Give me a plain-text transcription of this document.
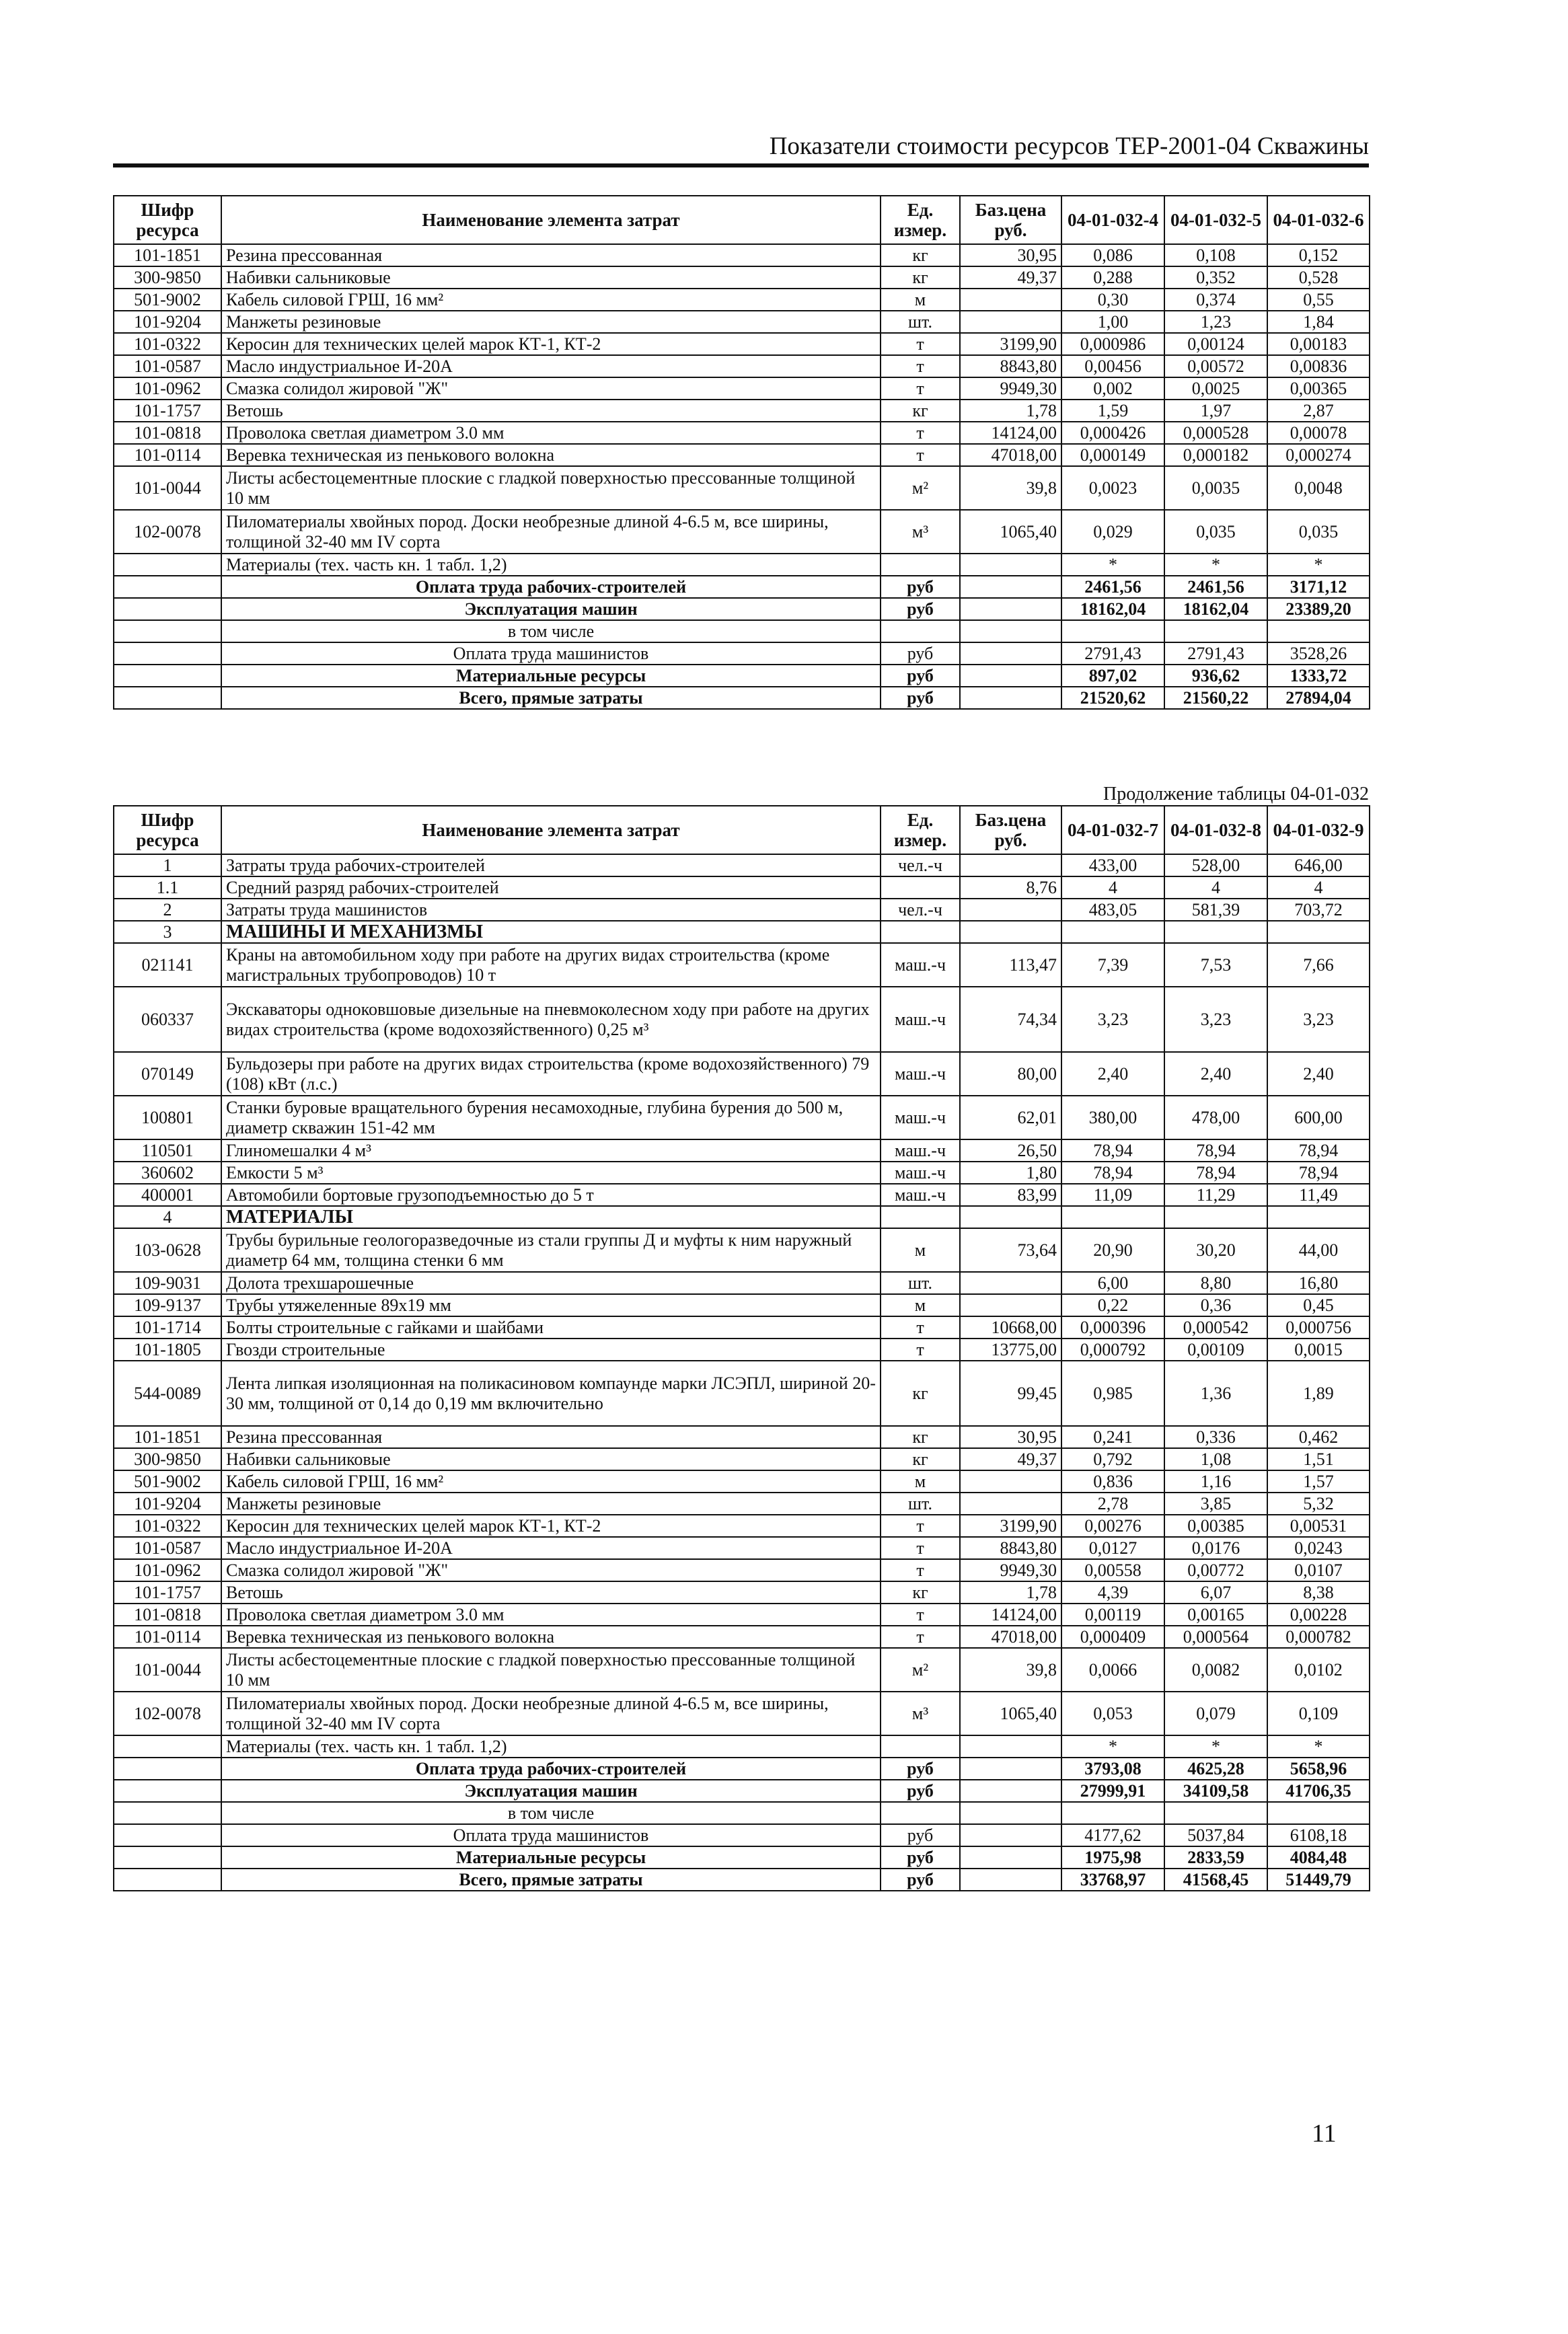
Показатели стоимости ресурсов ТЕР-2001-04 Скважины
Шифр ресурса	Наименование элемента затрат	Ед. измер.	Баз.цена руб.	04-01-032-4	04-01-032-5	04-01-032-6
101-1851	Резина прессованная	кг	30,95	0,086	0,108	0,152
300-9850	Набивки сальниковые	кг	49,37	0,288	0,352	0,528
501-9002	Кабель силовой ГРШ, 16 мм²	м		0,30	0,374	0,55
101-9204	Манжеты резиновые	шт.		1,00	1,23	1,84
101-0322	Керосин для технических целей марок КТ-1, КТ-2	т	3199,90	0,000986	0,00124	0,00183
101-0587	Масло индустриальное И-20А	т	8843,80	0,00456	0,00572	0,00836
101-0962	Смазка солидол жировой "Ж"	т	9949,30	0,002	0,0025	0,00365
101-1757	Ветошь	кг	1,78	1,59	1,97	2,87
101-0818	Проволока светлая диаметром 3.0 мм	т	14124,00	0,000426	0,000528	0,00078
101-0114	Веревка техническая из пенькового волокна	т	47018,00	0,000149	0,000182	0,000274
101-0044	Листы асбестоцементные плоские с гладкой поверхностью прессованные толщиной 10 мм	м²	39,8	0,0023	0,0035	0,0048
102-0078	Пиломатериалы хвойных пород. Доски необрезные длиной 4-6.5 м, все ширины, толщиной 32-40 мм IV сорта	м³	1065,40	0,029	0,035	0,035
	Материалы (тех. часть кн. 1 табл. 1,2)			*	*	*
	Оплата труда рабочих-строителей	руб		2461,56	2461,56	3171,12
	Эксплуатация машин	руб		18162,04	18162,04	23389,20
	в том числе					
	Оплата труда машинистов	руб		2791,43	2791,43	3528,26
	Материальные ресурсы	руб		897,02	936,62	1333,72
	Всего, прямые затраты	руб		21520,62	21560,22	27894,04
Продолжение таблицы 04-01-032
Шифр ресурса	Наименование элемента затрат	Ед. измер.	Баз.цена руб.	04-01-032-7	04-01-032-8	04-01-032-9
1	Затраты труда рабочих-строителей	чел.-ч		433,00	528,00	646,00
1.1	Средний разряд рабочих-строителей		8,76	4	4	4
2	Затраты труда машинистов	чел.-ч		483,05	581,39	703,72
3	МАШИНЫ И МЕХАНИЗМЫ					
021141	Краны на автомобильном ходу при работе на других видах строительства (кроме магистральных трубопроводов) 10 т	маш.-ч	113,47	7,39	7,53	7,66
060337	Экскаваторы одноковшовые дизельные на пневмоколесном ходу при работе на других видах строительства (кроме водохозяйственного) 0,25 м³	маш.-ч	74,34	3,23	3,23	3,23
070149	Бульдозеры при работе на других видах строительства (кроме водохозяйственного) 79 (108) кВт (л.с.)	маш.-ч	80,00	2,40	2,40	2,40
100801	Станки буровые вращательного бурения несамоходные, глубина бурения до 500 м, диаметр скважин 151-42 мм	маш.-ч	62,01	380,00	478,00	600,00
110501	Глиномешалки 4 м³	маш.-ч	26,50	78,94	78,94	78,94
360602	Емкости 5 м³	маш.-ч	1,80	78,94	78,94	78,94
400001	Автомобили бортовые грузоподъемностью до 5 т	маш.-ч	83,99	11,09	11,29	11,49
4	МАТЕРИАЛЫ					
103-0628	Трубы бурильные геологоразведочные из стали группы Д и муфты к ним наружный диаметр 64 мм, толщина стенки 6 мм	м	73,64	20,90	30,20	44,00
109-9031	Долота трехшарошечные	шт.		6,00	8,80	16,80
109-9137	Трубы утяжеленные 89х19 мм	м		0,22	0,36	0,45
101-1714	Болты строительные с гайками и шайбами	т	10668,00	0,000396	0,000542	0,000756
101-1805	Гвозди строительные	т	13775,00	0,000792	0,00109	0,0015
544-0089	Лента липкая изоляционная на поликасиновом компаунде марки ЛСЭПЛ, шириной 20-30 мм, толщиной от 0,14 до 0,19 мм включительно	кг	99,45	0,985	1,36	1,89
101-1851	Резина прессованная	кг	30,95	0,241	0,336	0,462
300-9850	Набивки сальниковые	кг	49,37	0,792	1,08	1,51
501-9002	Кабель силовой ГРШ, 16 мм²	м		0,836	1,16	1,57
101-9204	Манжеты резиновые	шт.		2,78	3,85	5,32
101-0322	Керосин для технических целей марок КТ-1, КТ-2	т	3199,90	0,00276	0,00385	0,00531
101-0587	Масло индустриальное И-20А	т	8843,80	0,0127	0,0176	0,0243
101-0962	Смазка солидол жировой "Ж"	т	9949,30	0,00558	0,00772	0,0107
101-1757	Ветошь	кг	1,78	4,39	6,07	8,38
101-0818	Проволока светлая диаметром 3.0 мм	т	14124,00	0,00119	0,00165	0,00228
101-0114	Веревка техническая из пенькового волокна	т	47018,00	0,000409	0,000564	0,000782
101-0044	Листы асбестоцементные плоские с гладкой поверхностью прессованные толщиной 10 мм	м²	39,8	0,0066	0,0082	0,0102
102-0078	Пиломатериалы хвойных пород. Доски необрезные длиной 4-6.5 м, все ширины, толщиной 32-40 мм IV сорта	м³	1065,40	0,053	0,079	0,109
	Материалы (тех. часть кн. 1 табл. 1,2)			*	*	*
	Оплата труда рабочих-строителей	руб		3793,08	4625,28	5658,96
	Эксплуатация машин	руб		27999,91	34109,58	41706,35
	в том числе					
	Оплата труда машинистов	руб		4177,62	5037,84	6108,18
	Материальные ресурсы	руб		1975,98	2833,59	4084,48
	Всего, прямые затраты	руб		33768,97	41568,45	51449,79
11
